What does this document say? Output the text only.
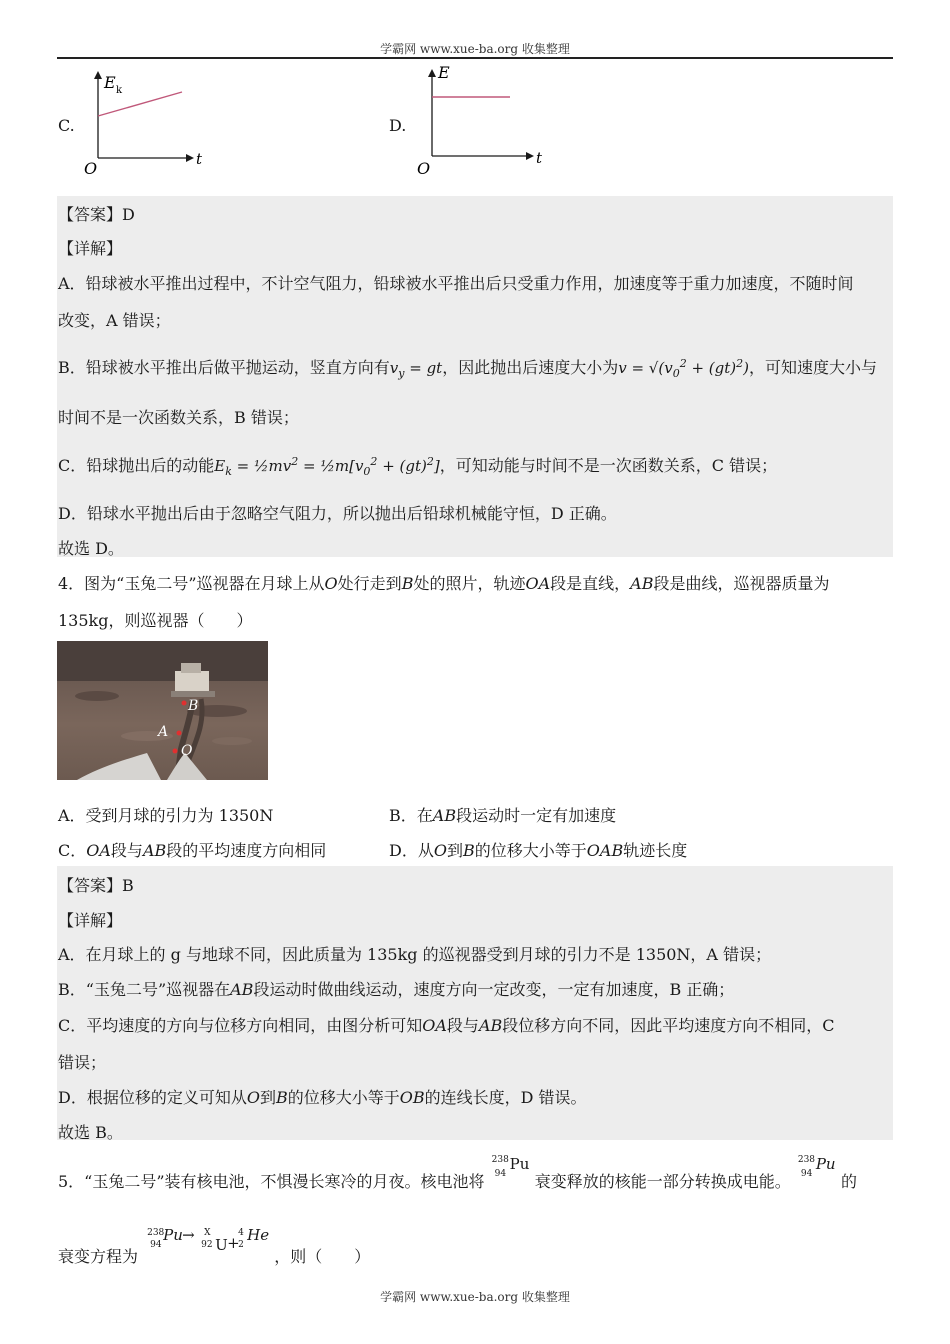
学霸网 www.xue-ba.org 收集整理
C.
E k
t
O
D.
E
t
O
【答案】D
【详解】
A．铅球被水平推出过程中，不计空气阻力，铅球被水平推出后只受重力作用，加速度等于重力加速度，不随时间
改变，A 错误；
B．铅球被水平推出后做平抛运动，竖直方向有$v_y$ = gt，因此抛出后速度大小为$v = √(v_0^2 + (gt)^2)$，可知速度大小与
时间不是一次函数关系，B 错误；
C．铅球抛出后的动能$E_k$ = $\frac{1}{2}mv^2$ = $\frac{1}{2}m[v_0^2 + (gt)^2]$，可知动能与时间不是一次函数关系，C 错误；
D．铅球水平抛出后由于忽略空气阻力，所以抛出后铅球机械能守恒，D 正确。
故选 D。
4．图为“玉兔二号”巡视器在月球上从O处行走到B处的照片，轨迹OA段是直线，AB段是曲线，巡视器质量为
135kg，则巡视器（　　）
B
A
O
A．受到月球的引力为 1350N	B．在AB段运动时一定有加速度
C．OA段与AB段的平均速度方向相同	D．从O到B的位移大小等于OAB轨迹长度
【答案】B
【详解】
A．在月球上的 g 与地球不同，因此质量为 135kg 的巡视器受到月球的引力不是 1350N，A 错误；
B．“玉兔二号”巡视器在AB段运动时做曲线运动，速度方向一定改变，一定有加速度，B 正确；
C．平均速度的方向与位移方向相同，由图分析可知OA段与AB段位移方向不同，因此平均速度方向不相同，C
错误；
D．根据位移的定义可知从O到B的位移大小等于OB的连线长度，D 错误。
故选 B。
5．“玉兔二号”装有核电池，不惧漫长寒冷的月夜。核电池将
238
94
Pu
衰变释放的核能一部分转换成电能。
238
94
Pu
的
衰变方程为
238
94
Pu → X
92 U +
4
2
He
，则（　　）
学霸网 www.xue-ba.org 收集整理
